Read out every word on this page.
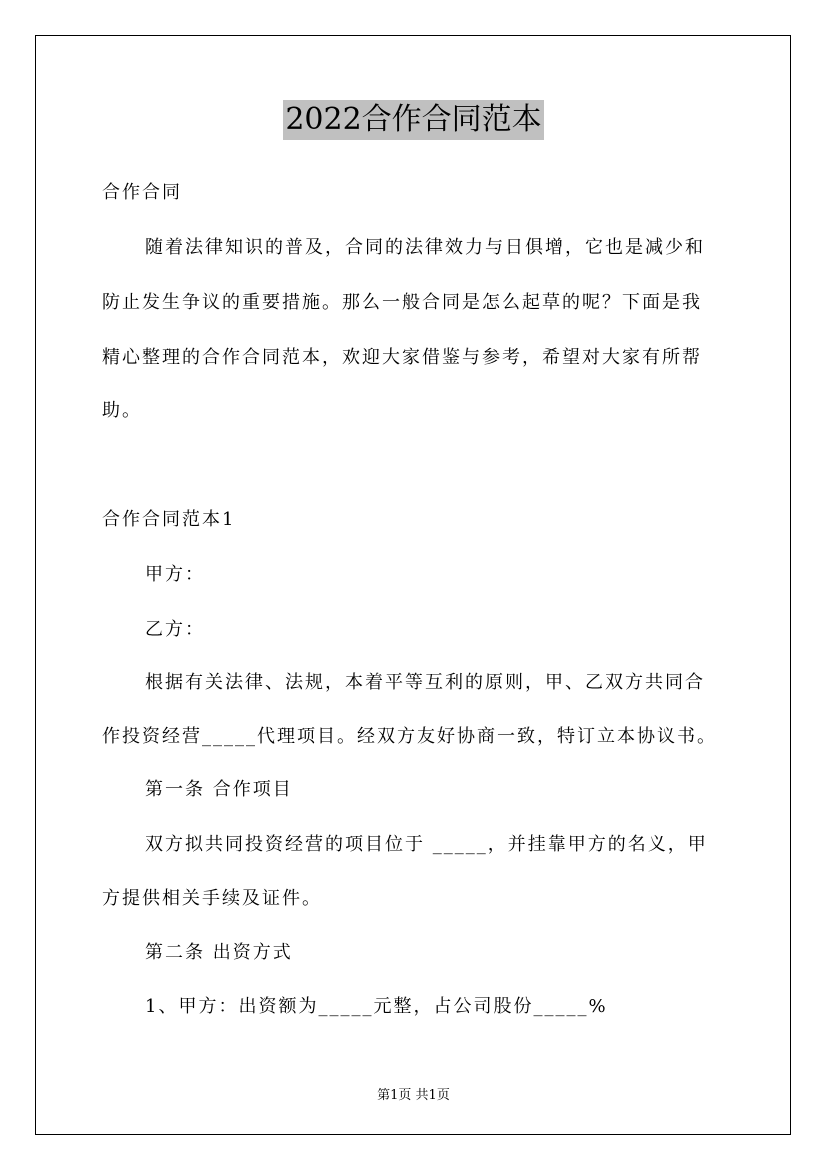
2022合作合同范本
合作合同
随着法律知识的普及，合同的法律效力与日俱增，它也是减少和
防止发生争议的重要措施。那么一般合同是怎么起草的呢？下面是我
精心整理的合作合同范本，欢迎大家借鉴与参考，希望对大家有所帮
助。
合作合同范本1
甲方：
乙方：
根据有关法律、法规，本着平等互利的原则，甲、乙双方共同合
作投资经营_____代理项目。经双方友好协商一致，特订立本协议书。
第一条 合作项目
双方拟共同投资经营的项目位于 _____，并挂靠甲方的名义，甲
方提供相关手续及证件。
第二条 出资方式
1、甲方：出资额为_____元整，占公司股份_____%
第1页 共1页
